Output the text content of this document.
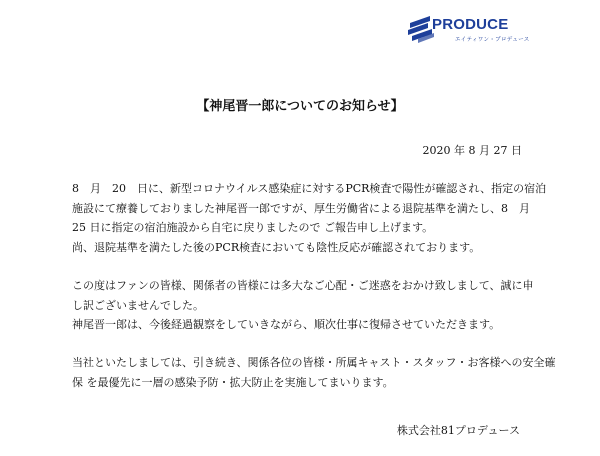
PRODUCE
エイティワン・プロデュース
【神尾晋一郎についてのお知らせ】
2020 年 8 月 27 日
8　月　20　日に、新型コロナウイルス感染症に対するPCR検査で陽性が確認され、指定の宿泊
施設にて療養しておりました神尾晋一郎ですが、厚生労働省による退院基準を満たし、8　月
25 日に指定の宿泊施設から自宅に戻りましたので ご報告申し上げます。
尚、退院基準を満たした後のPCR検査においても陰性反応が確認されております。
この度はファンの皆様、関係者の皆様には多大なご心配・ご迷惑をおかけ致しまして、誠に申
し訳ございませんでした。
神尾晋一郎は、今後経過観察をしていきながら、順次仕事に復帰させていただきます。
当社といたしましては、引き続き、関係各位の皆様・所属キャスト・スタッフ・お客様への安全確
保 を最優先に一層の感染予防・拡大防止を実施してまいります。
株式会社81プロデュース
